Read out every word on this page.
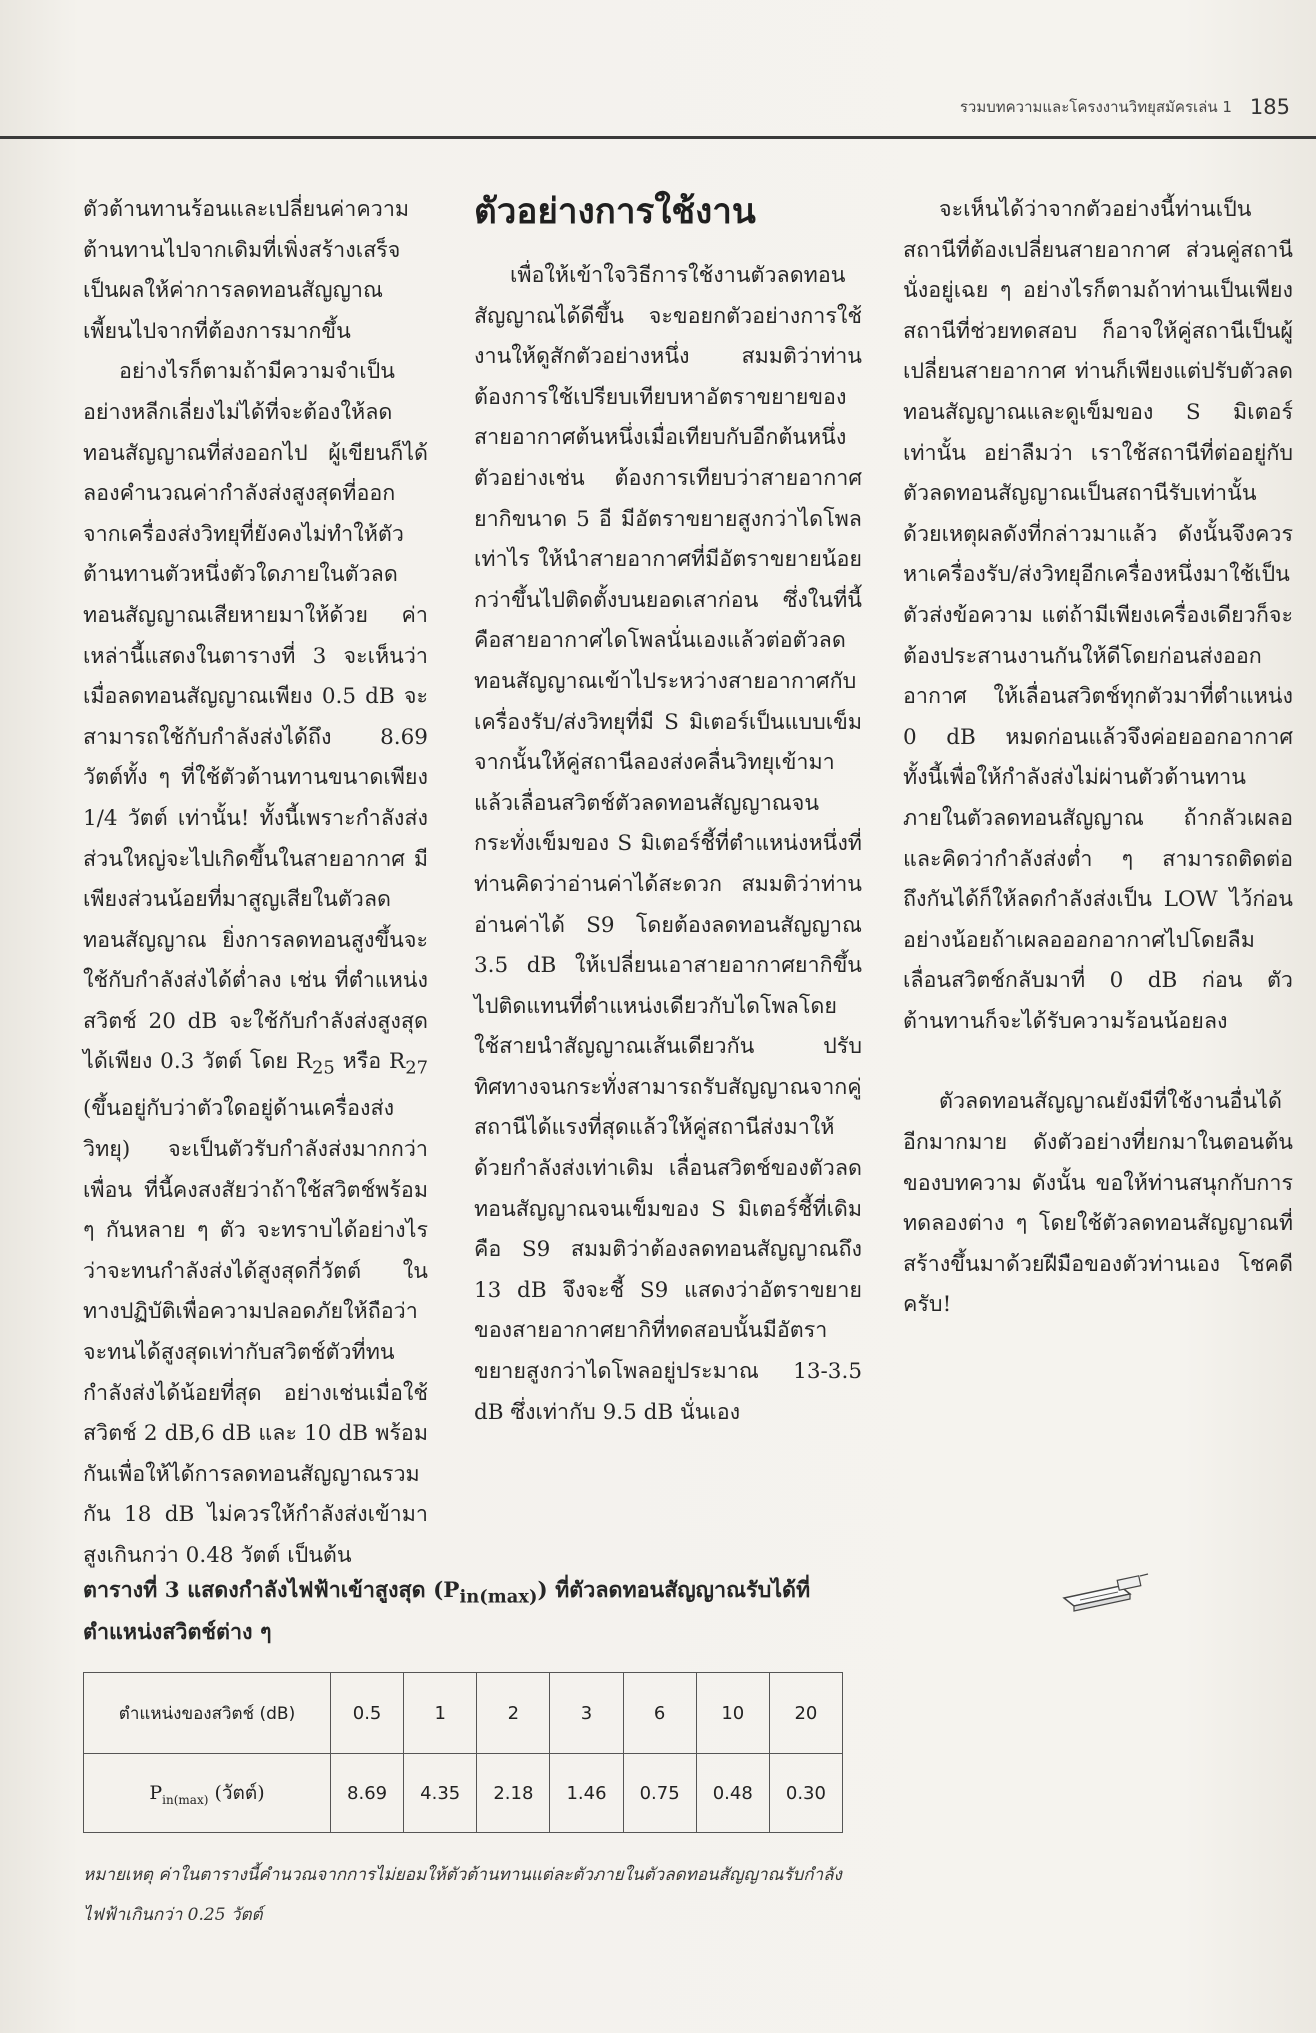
รวมบทความและโครงงานวิทยุสมัครเล่น 1 185

ตัวต้านทานร้อนและเปลี่ยนค่าความต้านทานไปจากเดิมที่เพิ่งสร้างเสร็จ เป็นผลให้ค่าการลดทอนสัญญาณเพี้ยนไปจากที่ต้องการมากขึ้น

อย่างไรก็ตามถ้ามีความจำเป็นอย่างหลีกเลี่ยงไม่ได้ที่จะต้องให้ลดทอนสัญญาณที่ส่งออกไป ผู้เขียนก็ได้ลองคำนวณค่ากำลังส่งสูงสุดที่ออกจากเครื่องส่งวิทยุที่ยังคงไม่ทำให้ตัวต้านทานตัวหนึ่งตัวใดภายในตัวลดทอนสัญญาณเสียหายมาให้ด้วย ค่าเหล่านี้แสดงในตารางที่ 3 จะเห็นว่าเมื่อลดทอนสัญญาณเพียง 0.5 dB จะสามารถใช้กับกำลังส่งได้ถึง 8.69 วัตต์ทั้ง ๆ ที่ใช้ตัวต้านทานขนาดเพียง 1/4 วัตต์ เท่านั้น! ทั้งนี้เพราะกำลังส่งส่วนใหญ่จะไปเกิดขึ้นในสายอากาศ มีเพียงส่วนน้อยที่มาสูญเสียในตัวลดทอนสัญญาณ ยิ่งการลดทอนสูงขึ้นจะใช้กับกำลังส่งได้ต่ำลง เช่น ที่ตำแหน่งสวิตช์ 20 dB จะใช้กับกำลังส่งสูงสุดได้เพียง 0.3 วัตต์ โดย $R_{25}$ หรือ $R_{27}$ (ขึ้นอยู่กับว่าตัวใดอยู่ด้านเครื่องส่งวิทยุ) จะเป็นตัวรับกำลังส่งมากกว่าเพื่อน ที่นี้คงสงสัยว่าถ้าใช้สวิตช์พร้อม ๆ กันหลาย ๆ ตัว จะทราบได้อย่างไรว่าจะทนกำลังส่งได้สูงสุดกี่วัตต์ ในทางปฏิบัติเพื่อความปลอดภัยให้ถือว่าจะทนได้สูงสุดเท่ากับสวิตช์ตัวที่ทนกำลังส่งได้น้อยที่สุด อย่างเช่นเมื่อใช้สวิตช์ 2 dB,6 dB และ 10 dB พร้อมกันเพื่อให้ได้การลดทอนสัญญาณรวมกัน 18 dB ไม่ควรให้กำลังส่งเข้ามาสูงเกินกว่า 0.48 วัตต์ เป็นต้น

ตัวอย่างการใช้งาน

เพื่อให้เข้าใจวิธีการใช้งานตัวลดทอนสัญญาณได้ดีขึ้น จะขอยกตัวอย่างการใช้งานให้ดูสักตัวอย่างหนึ่ง สมมติว่าท่านต้องการใช้เปรียบเทียบหาอัตราขยายของสายอากาศต้นหนึ่งเมื่อเทียบกับอีกต้นหนึ่ง ตัวอย่างเช่น ต้องการเทียบว่าสายอากาศยากิขนาด 5 อี มีอัตราขยายสูงกว่าไดโพลเท่าไร ให้นำสายอากาศที่มีอัตราขยายน้อยกว่าขึ้นไปติดตั้งบนยอดเสาก่อน ซึ่งในที่นี้คือสายอากาศไดโพลนั่นเองแล้วต่อตัวลดทอนสัญญาณเข้าไประหว่างสายอากาศกับเครื่องรับ/ส่งวิทยุที่มี S มิเตอร์เป็นแบบเข็ม จากนั้นให้คู่สถานีลองส่งคลื่นวิทยุเข้ามาแล้วเลื่อนสวิตช์ตัวลดทอนสัญญาณจนกระทั่งเข็มของ S มิเตอร์ชี้ที่ตำแหน่งหนึ่งที่ท่านคิดว่าอ่านค่าได้สะดวก สมมติว่าท่านอ่านค่าได้ S9 โดยต้องลดทอนสัญญาณ 3.5 dB ให้เปลี่ยนเอาสายอากาศยากิขึ้นไปติดแทนที่ตำแหน่งเดียวกับไดโพลโดยใช้สายนำสัญญาณเส้นเดียวกัน ปรับทิศทางจนกระทั่งสามารถรับสัญญาณจากคู่สถานีได้แรงที่สุดแล้วให้คู่สถานีส่งมาให้ด้วยกำลังส่งเท่าเดิม เลื่อนสวิตช์ของตัวลดทอนสัญญาณจนเข็มของ S มิเตอร์ชี้ที่เดิมคือ S9 สมมติว่าต้องลดทอนสัญญาณถึง 13 dB จึงจะชี้ S9 แสดงว่าอัตราขยายของสายอากาศยากิที่ทดสอบนั้นมีอัตราขยายสูงกว่าไดโพลอยู่ประมาณ 13-3.5 dB ซึ่งเท่ากับ 9.5 dB นั่นเอง

จะเห็นได้ว่าจากตัวอย่างนี้ท่านเป็นสถานีที่ต้องเปลี่ยนสายอากาศ ส่วนคู่สถานีนั่งอยู่เฉย ๆ อย่างไรก็ตามถ้าท่านเป็นเพียงสถานีที่ช่วยทดสอบ ก็อาจให้คู่สถานีเป็นผู้เปลี่ยนสายอากาศ ท่านก็เพียงแต่ปรับตัวลดทอนสัญญาณและดูเข็มของ S มิเตอร์เท่านั้น อย่าลืมว่า เราใช้สถานีที่ต่ออยู่กับตัวลดทอนสัญญาณเป็นสถานีรับเท่านั้นด้วยเหตุผลดังที่กล่าวมาแล้ว ดังนั้นจึงควรหาเครื่องรับ/ส่งวิทยุอีกเครื่องหนึ่งมาใช้เป็นตัวส่งข้อความ แต่ถ้ามีเพียงเครื่องเดียวก็จะต้องประสานงานกันให้ดีโดยก่อนส่งออกอากาศ ให้เลื่อนสวิตช์ทุกตัวมาที่ตำแหน่ง 0 dB หมดก่อนแล้วจึงค่อยออกอากาศ ทั้งนี้เพื่อให้กำลังส่งไม่ผ่านตัวต้านทานภายในตัวลดทอนสัญญาณ ถ้ากลัวเผลอและคิดว่ากำลังส่งต่ำ ๆ สามารถติดต่อถึงกันได้ก็ให้ลดกำลังส่งเป็น LOW ไว้ก่อน อย่างน้อยถ้าเผลอออกอากาศไปโดยลืมเลื่อนสวิตช์กลับมาที่ 0 dB ก่อน ตัวต้านทานก็จะได้รับความร้อนน้อยลง

ตัวลดทอนสัญญาณยังมีที่ใช้งานอื่นได้อีกมากมาย ดังตัวอย่างที่ยกมาในตอนต้นของบทความ ดังนั้น ขอให้ท่านสนุกกับการทดลองต่าง ๆ โดยใช้ตัวลดทอนสัญญาณที่สร้างขึ้นมาด้วยฝีมือของตัวท่านเอง โชคดีครับ!

ตารางที่ 3 แสดงกำลังไฟฟ้าเข้าสูงสุด $(P_{in(max)})$ ที่ตัวลดทอนสัญญาณรับได้ที่ตำแหน่งสวิตช์ต่าง ๆ
ตำแหน่งของสวิตช์ (dB)	0.5	1	2	3	6	10	20
$P_{in(max)}$ (วัตต์)	8.69	4.35	2.18	1.46	0.75	0.48	0.30
หมายเหตุ ค่าในตารางนี้คำนวณจากการไม่ยอมให้ตัวต้านทานแต่ละตัวภายในตัวลดทอนสัญญาณรับกำลังไฟฟ้าเกินกว่า 0.25 วัตต์
